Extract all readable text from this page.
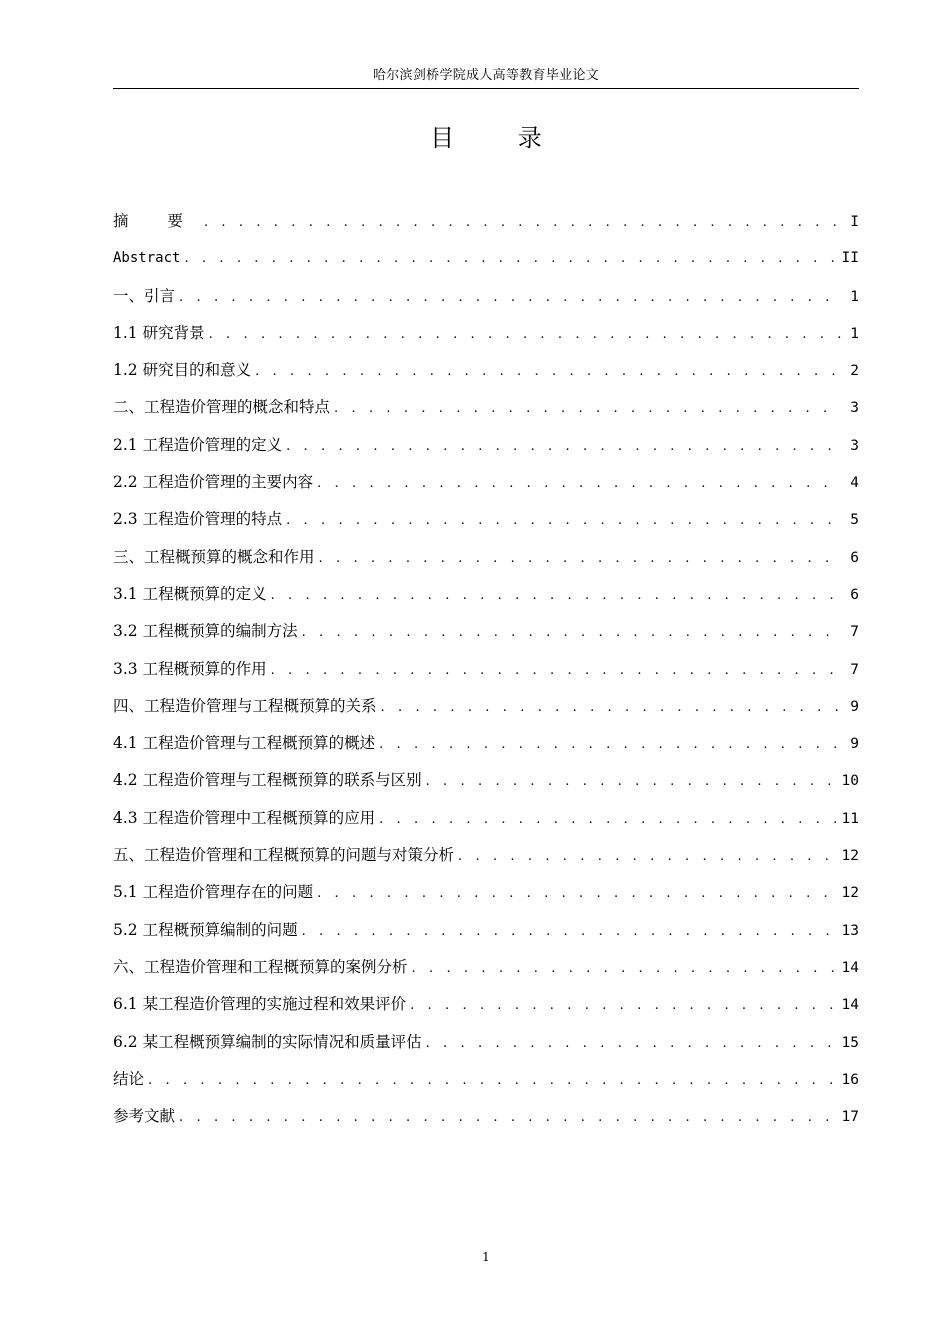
哈尔滨剑桥学院成人高等教育毕业论文
目 录
摘 要 . . .	I
Abstract . . .	II
一、引言 . . .	1
1.1 研究背景 . . .	1
1.2 研究目的和意义 . . .	2
二、工程造价管理的概念和特点 . . .	3
2.1 工程造价管理的定义 . . .	3
2.2 工程造价管理的主要内容 . . .	4
2.3 工程造价管理的特点 . . .	5
三、工程概预算的概念和作用 . . .	6
3.1 工程概预算的定义 . . .	6
3.2 工程概预算的编制方法 . . .	7
3.3 工程概预算的作用 . . .	7
四、工程造价管理与工程概预算的关系 . . .	9
4.1 工程造价管理与工程概预算的概述 . . .	9
4.2 工程造价管理与工程概预算的联系与区别 . . .	10
4.3 工程造价管理中工程概预算的应用 . . .	11
五、工程造价管理和工程概预算的问题与对策分析 . . .	12
5.1 工程造价管理存在的问题 . . .	12
5.2 工程概预算编制的问题 . . .	13
六、工程造价管理和工程概预算的案例分析 . . .	14
6.1 某工程造价管理的实施过程和效果评价 . . .	14
6.2 某工程概预算编制的实际情况和质量评估 . . .	15
结论 . . .	16
参考文献 . . .	17
1
